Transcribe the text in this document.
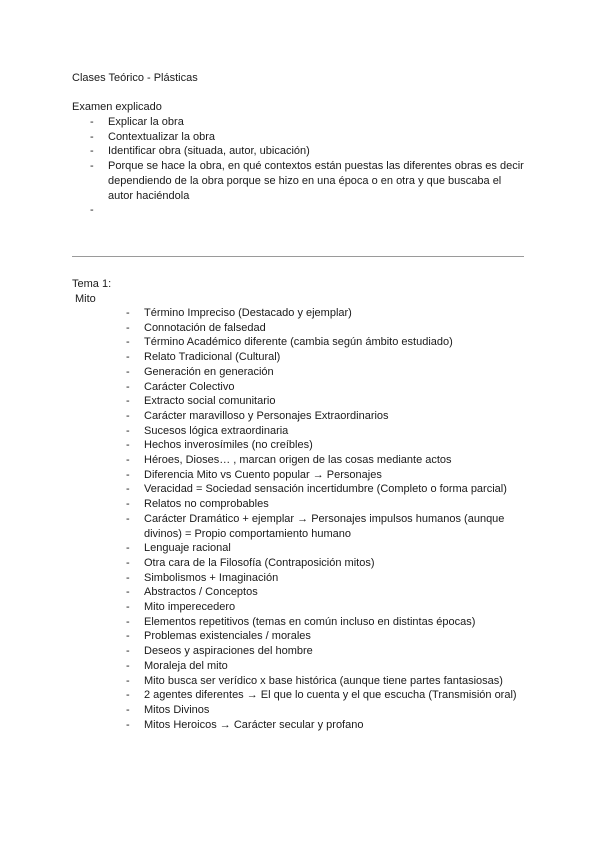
Clases Teórico - Plásticas
Examen explicado
- Explicar la obra
- Contextualizar la obra
- Identificar obra (situada, autor, ubicación)
- Porque se hace la obra, en qué contextos están puestas las diferentes obras es decir dependiendo de la obra porque se hizo en una época o en otra y que buscaba el autor haciéndola
-
Tema 1:
Mito
- Término Impreciso (Destacado y ejemplar)
- Connotación de falsedad
- Término Académico diferente (cambia según ámbito estudiado)
- Relato Tradicional (Cultural)
- Generación en generación
- Carácter Colectivo
- Extracto social comunitario
- Carácter maravilloso y Personajes Extraordinarios
- Sucesos lógica extraordinaria
- Hechos inverosímiles (no creíbles)
- Héroes, Dioses… , marcan origen de las cosas mediante actos
- Diferencia Mito vs Cuento popular → Personajes
- Veracidad = Sociedad sensación incertidumbre (Completo o forma parcial)
- Relatos no comprobables
- Carácter Dramático + ejemplar → Personajes impulsos humanos (aunque divinos) = Propio comportamiento humano
- Lenguaje racional
- Otra cara de la Filosofía (Contraposición mitos)
- Simbolismos + Imaginación
- Abstractos / Conceptos
- Mito imperecedero
- Elementos repetitivos (temas en común incluso en distintas épocas)
- Problemas existenciales / morales
- Deseos y aspiraciones del hombre
- Moraleja del mito
- Mito busca ser verídico x base histórica (aunque tiene partes fantasiosas)
- 2 agentes diferentes → El que lo cuenta y el que escucha (Transmisión oral)
- Mitos Divinos
- Mitos Heroicos → Carácter secular y profano
